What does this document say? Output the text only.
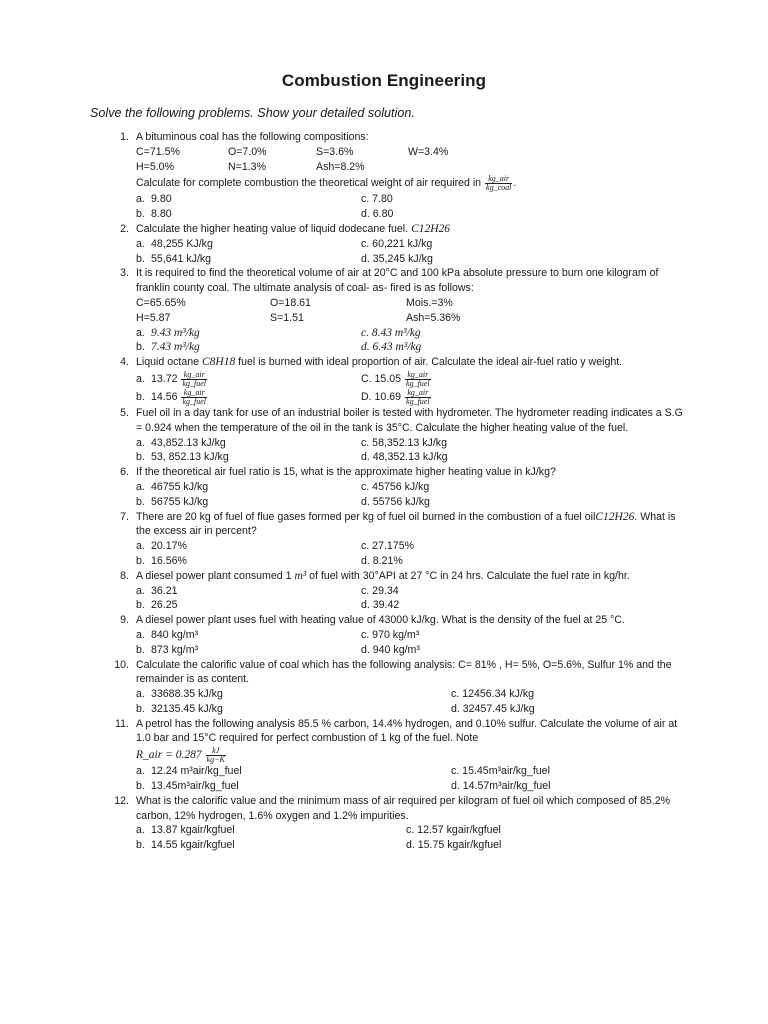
Combustion Engineering
Solve the following problems. Show your detailed solution.
1. A bituminous coal has the following compositions:
C=71.5%	O=7.0%	S=3.6%	W=3.4%
H=5.0%	N=1.3%	Ash=8.2%
Calculate for complete combustion the theoretical weight of air required in $\frac{\text{kg\_air}}{\text{kg\_coal}}$ .
a. 9.80	c. 7.80
b. 8.80	d. 6.80
2. Calculate the higher heating value of liquid dodecane fuel. C12H26
a. 48,255 KJ/kg	c. 60,221 kJ/kg
b. 55,641 kJ/kg	d. 35,245 kJ/kg
3. It is required to find the theoretical volume of air at 20°C and 100 kPa absolute pressure to burn one kilogram of franklin county coal. The ultimate analysis of coal- as- fired is as follows:
C=65.65%	O=18.61	Mois.=3%
H=5.87	S=1.51	Ash=5.36%
a. 9.43 m³/kg	c. 8.43 m³/kg
b. 7.43 m³/kg	d. 6.43 m³/kg
4. Liquid octane C8H18 fuel is burned with ideal proportion of air. Calculate the ideal air-fuel ratio y weight.
a. $13.72 \frac{\text{kg\_air}}{\text{kg\_fuel}}$	C. $15.05 \frac{\text{kg\_air}}{\text{kg\_fuel}}$
b. $14.56 \frac{\text{kg\_air}}{\text{kg\_fuel}}$	D. $10.69 \frac{\text{kg\_air}}{\text{kg\_fuel}}$
5. Fuel oil in a day tank for use of an industrial boiler is tested with hydrometer. The hydrometer reading indicates a S.G = 0.924 when the temperature of the oil in the tank is 35°C. Calculate the higher heating value of the fuel.
a. 43,852.13 kJ/kg	c. 58,352.13 kJ/kg
b. 53, 852.13 kJ/kg	d. 48,352.13 kJ/kg
6. If the theoretical air fuel ratio is 15, what is the approximate higher heating value in kJ/kg?
a. 46755 kJ/kg	c. 45756 kJ/kg
b. 56755 kJ/kg	d. 55756 kJ/kg
7. There are 20 kg of fuel of flue gases formed per kg of fuel oil burned in the combustion of a fuel oilC12H26. What is the excess air in percent?
a. 20.17%	c. 27.175%
b. 16.56%	d. 8.21%
8. A diesel power plant consumed 1 m³ of fuel with 30°API at 27 °C in 24 hrs. Calculate the fuel rate in kg/hr.
a. 36.21	c. 29.34
b. 26.25	d. 39.42
9. A diesel power plant uses fuel with heating value of 43000 kJ/kg. What is the density of the fuel at 25 °C.
a. 840 kg/m³	c. 970 kg/m³
b. 873 kg/m³	d. 940 kg/m³
10. Calculate the calorific value of coal which has the following analysis: C= 81% , H= 5%, O=5.6%, Sulfur 1% and the remainder is as content.
a. 33688.35 kJ/kg	c. 12456.34 kJ/kg
b. 32135.45 kJ/kg	d. 32457.45 kJ/kg
11. A petrol has the following analysis 85.5 % carbon, 14.4% hydrogen, and 0.10% sulfur. Calculate the volume of air at 1.0 bar and 15°C required for perfect combustion of 1 kg of the fuel. Note
R_air = $0.287 \frac{kJ}{kg-K}$
a. 12.24 m³air/kg_fuel	c. 15.45m³air/kg_fuel
b. 13.45m³air/kg_fuel	d. 14.57m³air/kg_fuel
12. What is the calorific value and the minimum mass of air required per kilogram of fuel oil which composed of 85.2% carbon, 12% hydrogen, 1.6% oxygen and 1.2% impurities.
a. 13.87 kgair/kgfuel	c. 12.57 kgair/kgfuel
b. 14.55 kgair/kgfuel	d. 15.75 kgair/kgfuel
